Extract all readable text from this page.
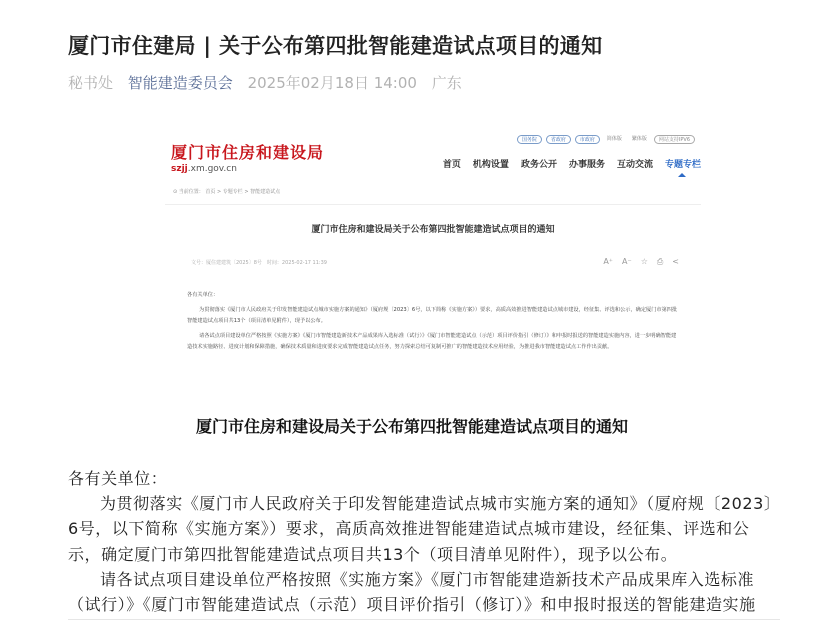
厦门市住建局 | 关于公布第四批智能建造试点项目的通知
秘书处 智能建造委员会 2025年02月18日 14:00 广东
厦门市住房和建设局
szjj.xm.gov.cn
国务院	省政府	市政府	简体版	繁体版	网站支持IPV6
首页 机构设置 政务公开 办事服务 互动交流 专题专栏
⊙ 当前位置： 首页 > 专题专栏 > 智能建造试点
厦门市住房和建设局关于公布第四批智能建造试点项目的通知
文号：厦住建建筑〔2025〕8号　时间：2025-02-17 11:39	A⁺ A⁻ ☆ ⎙ <

各有关单位：

为贯彻落实《厦门市人民政府关于印发智能建造试点城市实施方案的通知》（厦府规〔2023〕6号，以下简称《实施方案》）要求，高质高效推进智能建造试点城市建设，经征集、评选和公示，确定厦门市第四批智能建造试点项目共13个（项目清单见附件），现予以公布。

请各试点项目建设单位严格按照《实施方案》《厦门市智能建造新技术产品成果库入选标准（试行）》《厦门市智能建造试点（示范）项目评价指引（修订）》和申报时报送的智能建造实施内容，进一步明确智能建造技术实施路径、进度计划和保障措施，确保技术质量和进度要求完成智能建造试点任务，努力探索总结可复制可推广的智能建造技术应用经验，为推进我市智能建造试点工作作出贡献。

厦门市住房和建设局关于公布第四批智能建造试点项目的通知
各有关单位：
为贯彻落实《厦门市人民政府关于印发智能建造试点城市实施方案的通知》（厦府规〔2023〕
6号，以下简称《实施方案》）要求，高质高效推进智能建造试点城市建设，经征集、评选和公
示，确定厦门市第四批智能建造试点项目共13个（项目清单见附件），现予以公布。
请各试点项目建设单位严格按照《实施方案》《厦门市智能建造新技术产品成果库入选标准
（试行）》《厦门市智能建造试点（示范）项目评价指引（修订）》和申报时报送的智能建造实施
